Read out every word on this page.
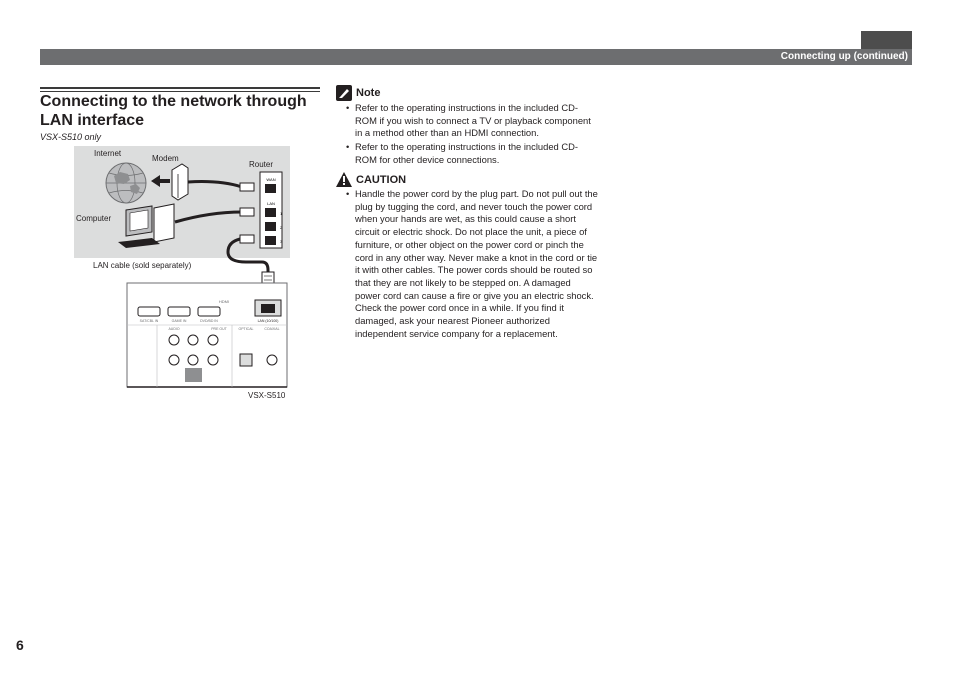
Connecting up (continued)
Connecting to the network through LAN interface
VSX-S510 only
WAN
LAN
1
2
3
HDMI
SAT/CBL IN	GAME IN	DVD/BD IN	LAN (10/100)
AUDIO	PRE OUT	OPTICAL	COAXIAL
Internet
Modem
Router
Computer
LAN cable (sold separately)
VSX-S510
Note
• Refer to the operating instructions in the included CD-ROM if you wish to connect a TV or playback component in a method other than an HDMI connection.
• Refer to the operating instructions in the included CD-ROM for other device connections.
CAUTION
• Handle the power cord by the plug part. Do not pull out the plug by tugging the cord, and never touch the power cord when your hands are wet, as this could cause a short circuit or electric shock. Do not place the unit, a piece of furniture, or other object on the power cord or pinch the cord in any other way. Never make a knot in the cord or tie it with other cables. The power cords should be routed so that they are not likely to be stepped on. A damaged power cord can cause a fire or give you an electric shock. Check the power cord once in a while. If you find it damaged, ask your nearest Pioneer authorized independent service company for a replacement.
6
